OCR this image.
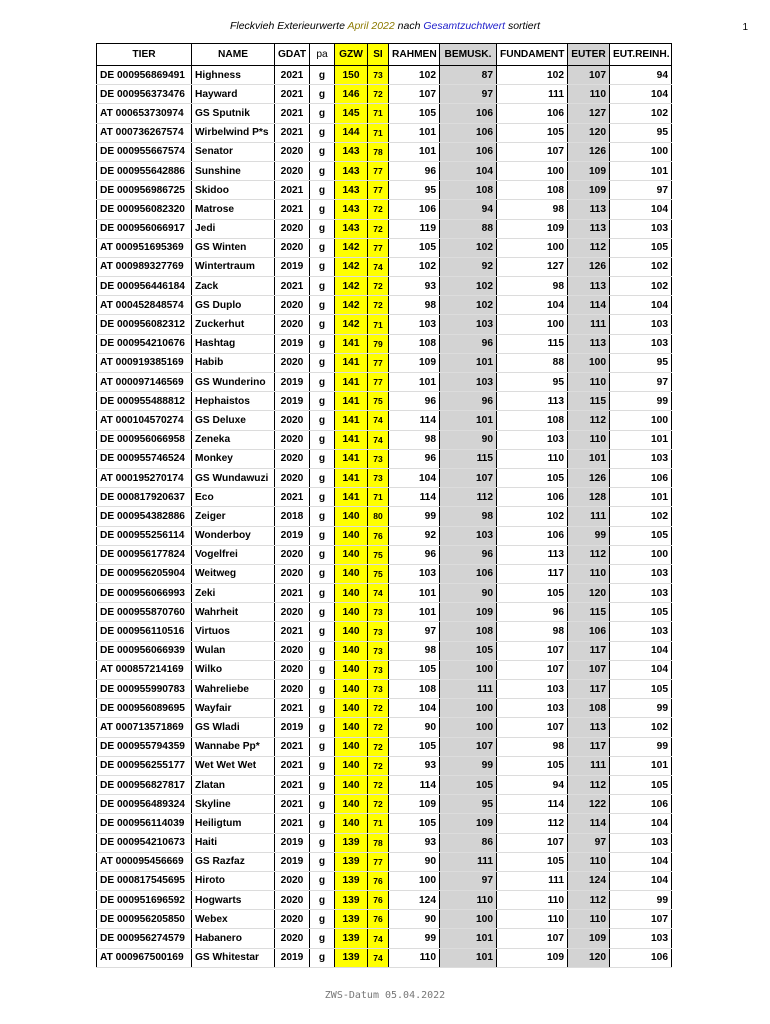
Fleckvieh Exterieurwerte April 2022 nach Gesamtzuchtwert sortiert	1
TIER	NAME	GDAT	pa	GZW	SI	RAHMEN	BEMUSK.	FUNDAMENT	EUTER	EUT.REINH.
DE 000956869491	Highness	2021	g	150	73	102	87	102	107	94
DE 000956373476	Hayward	2021	g	146	72	107	97	111	110	104
AT 000653730974	GS Sputnik	2021	g	145	71	105	106	106	127	102
AT 000736267574	Wirbelwind P*s	2021	g	144	71	101	106	105	120	95
DE 000955667574	Senator	2020	g	143	78	101	106	107	126	100
DE 000955642886	Sunshine	2020	g	143	77	96	104	100	109	101
DE 000956986725	Skidoo	2021	g	143	77	95	108	108	109	97
DE 000956082320	Matrose	2021	g	143	72	106	94	98	113	104
DE 000956066917	Jedi	2020	g	143	72	119	88	109	113	103
AT 000951695369	GS Winten	2020	g	142	77	105	102	100	112	105
AT 000989327769	Wintertraum	2019	g	142	74	102	92	127	126	102
DE 000956446184	Zack	2021	g	142	72	93	102	98	113	102
AT 000452848574	GS Duplo	2020	g	142	72	98	102	104	114	104
DE 000956082312	Zuckerhut	2020	g	142	71	103	103	100	111	103
DE 000954210676	Hashtag	2019	g	141	79	108	96	115	113	103
AT 000919385169	Habib	2020	g	141	77	109	101	88	100	95
AT 000097146569	GS Wunderino	2019	g	141	77	101	103	95	110	97
DE 000955488812	Hephaistos	2019	g	141	75	96	96	113	115	99
AT 000104570274	GS Deluxe	2020	g	141	74	114	101	108	112	100
DE 000956066958	Zeneka	2020	g	141	74	98	90	103	110	101
DE 000955746524	Monkey	2020	g	141	73	96	115	110	101	103
AT 000195270174	GS Wundawuzi	2020	g	141	73	104	107	105	126	106
DE 000817920637	Eco	2021	g	141	71	114	112	106	128	101
DE 000954382886	Zeiger	2018	g	140	80	99	98	102	111	102
DE 000955256114	Wonderboy	2019	g	140	76	92	103	106	99	105
DE 000956177824	Vogelfrei	2020	g	140	75	96	96	113	112	100
DE 000956205904	Weitweg	2020	g	140	75	103	106	117	110	103
DE 000956066993	Zeki	2021	g	140	74	101	90	105	120	103
DE 000955870760	Wahrheit	2020	g	140	73	101	109	96	115	105
DE 000956110516	Virtuos	2021	g	140	73	97	108	98	106	103
DE 000956066939	Wulan	2020	g	140	73	98	105	107	117	104
AT 000857214169	Wilko	2020	g	140	73	105	100	107	107	104
DE 000955990783	Wahreliebe	2020	g	140	73	108	111	103	117	105
DE 000956089695	Wayfair	2021	g	140	72	104	100	103	108	99
AT 000713571869	GS Wladi	2019	g	140	72	90	100	107	113	102
DE 000955794359	Wannabe Pp*	2021	g	140	72	105	107	98	117	99
DE 000956255177	Wet Wet Wet	2021	g	140	72	93	99	105	111	101
DE 000956827817	Zlatan	2021	g	140	72	114	105	94	112	105
DE 000956489324	Skyline	2021	g	140	72	109	95	114	122	106
DE 000956114039	Heiligtum	2021	g	140	71	105	109	112	114	104
DE 000954210673	Haiti	2019	g	139	78	93	86	107	97	103
AT 000095456669	GS Razfaz	2019	g	139	77	90	111	105	110	104
DE 000817545695	Hiroto	2020	g	139	76	100	97	111	124	104
DE 000951696592	Hogwarts	2020	g	139	76	124	110	110	112	99
DE 000956205850	Webex	2020	g	139	76	90	100	110	110	107
DE 000956274579	Habanero	2020	g	139	74	99	101	107	109	103
AT 000967500169	GS Whitestar	2019	g	139	74	110	101	109	120	106
ZWS-Datum 05.04.2022
